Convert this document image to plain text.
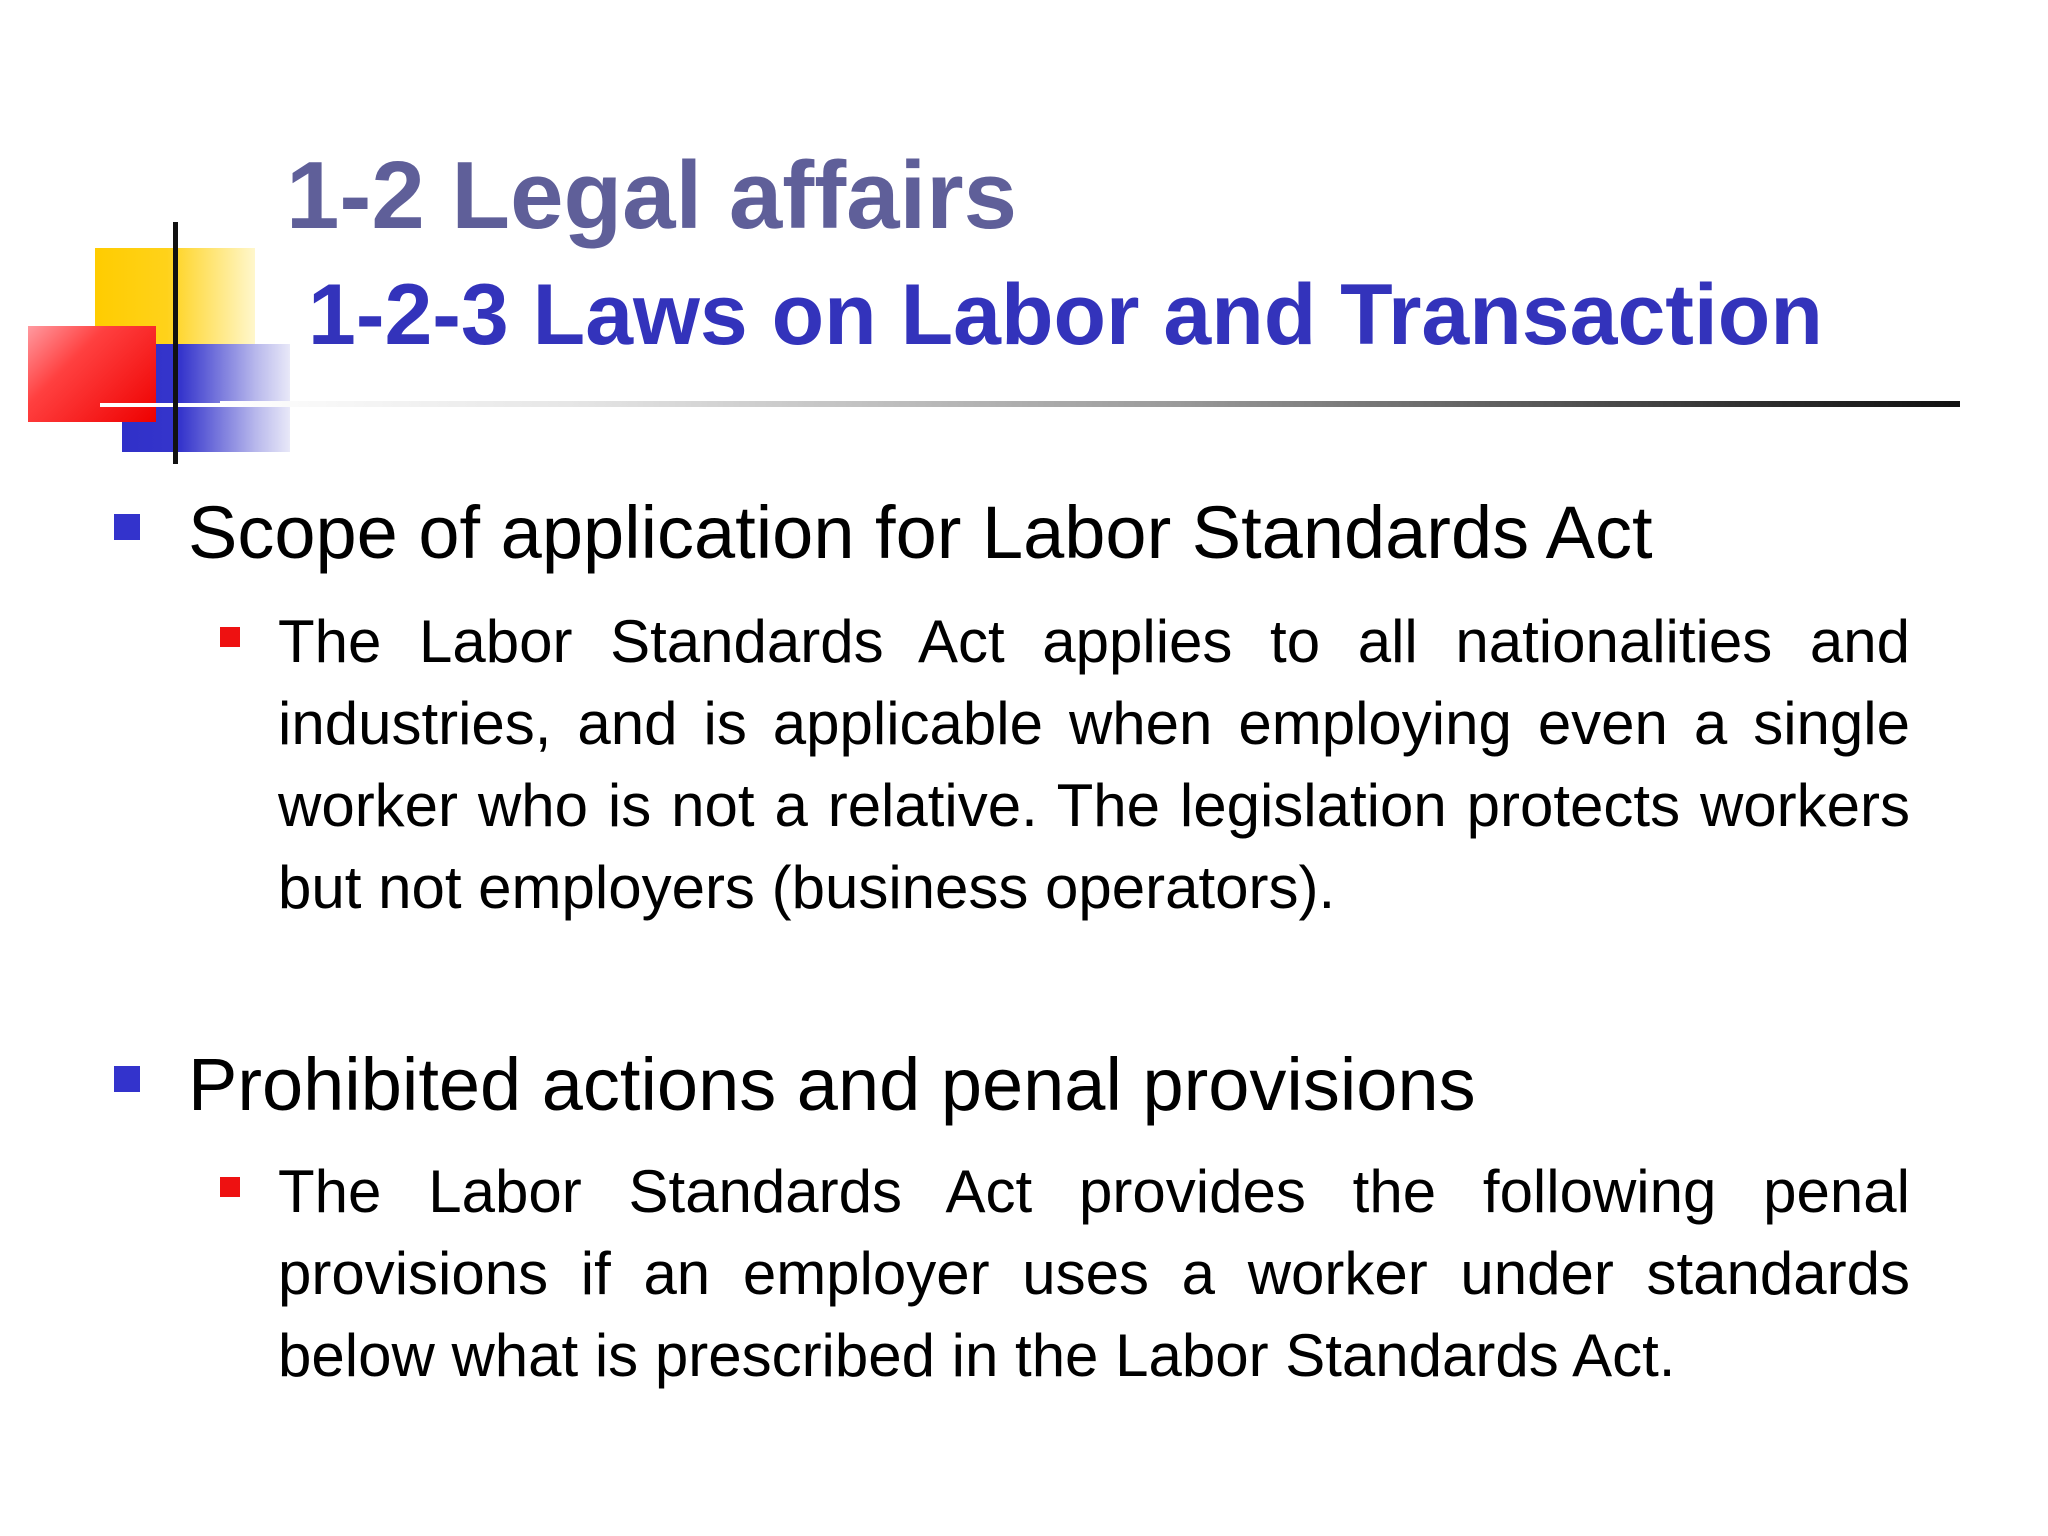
1-2 Legal affairs
1-2-3 Laws on Labor and Transaction
Scope of application for Labor Standards Act
The Labor Standards Act applies to all nationalities and industries, and is applicable when employing even a single worker who is not a relative. The legislation protects workers but not employers (business operators).
Prohibited actions and penal provisions
The Labor Standards Act provides the following penal provisions if an employer uses a worker under standards below what is prescribed in the Labor Standards Act.
